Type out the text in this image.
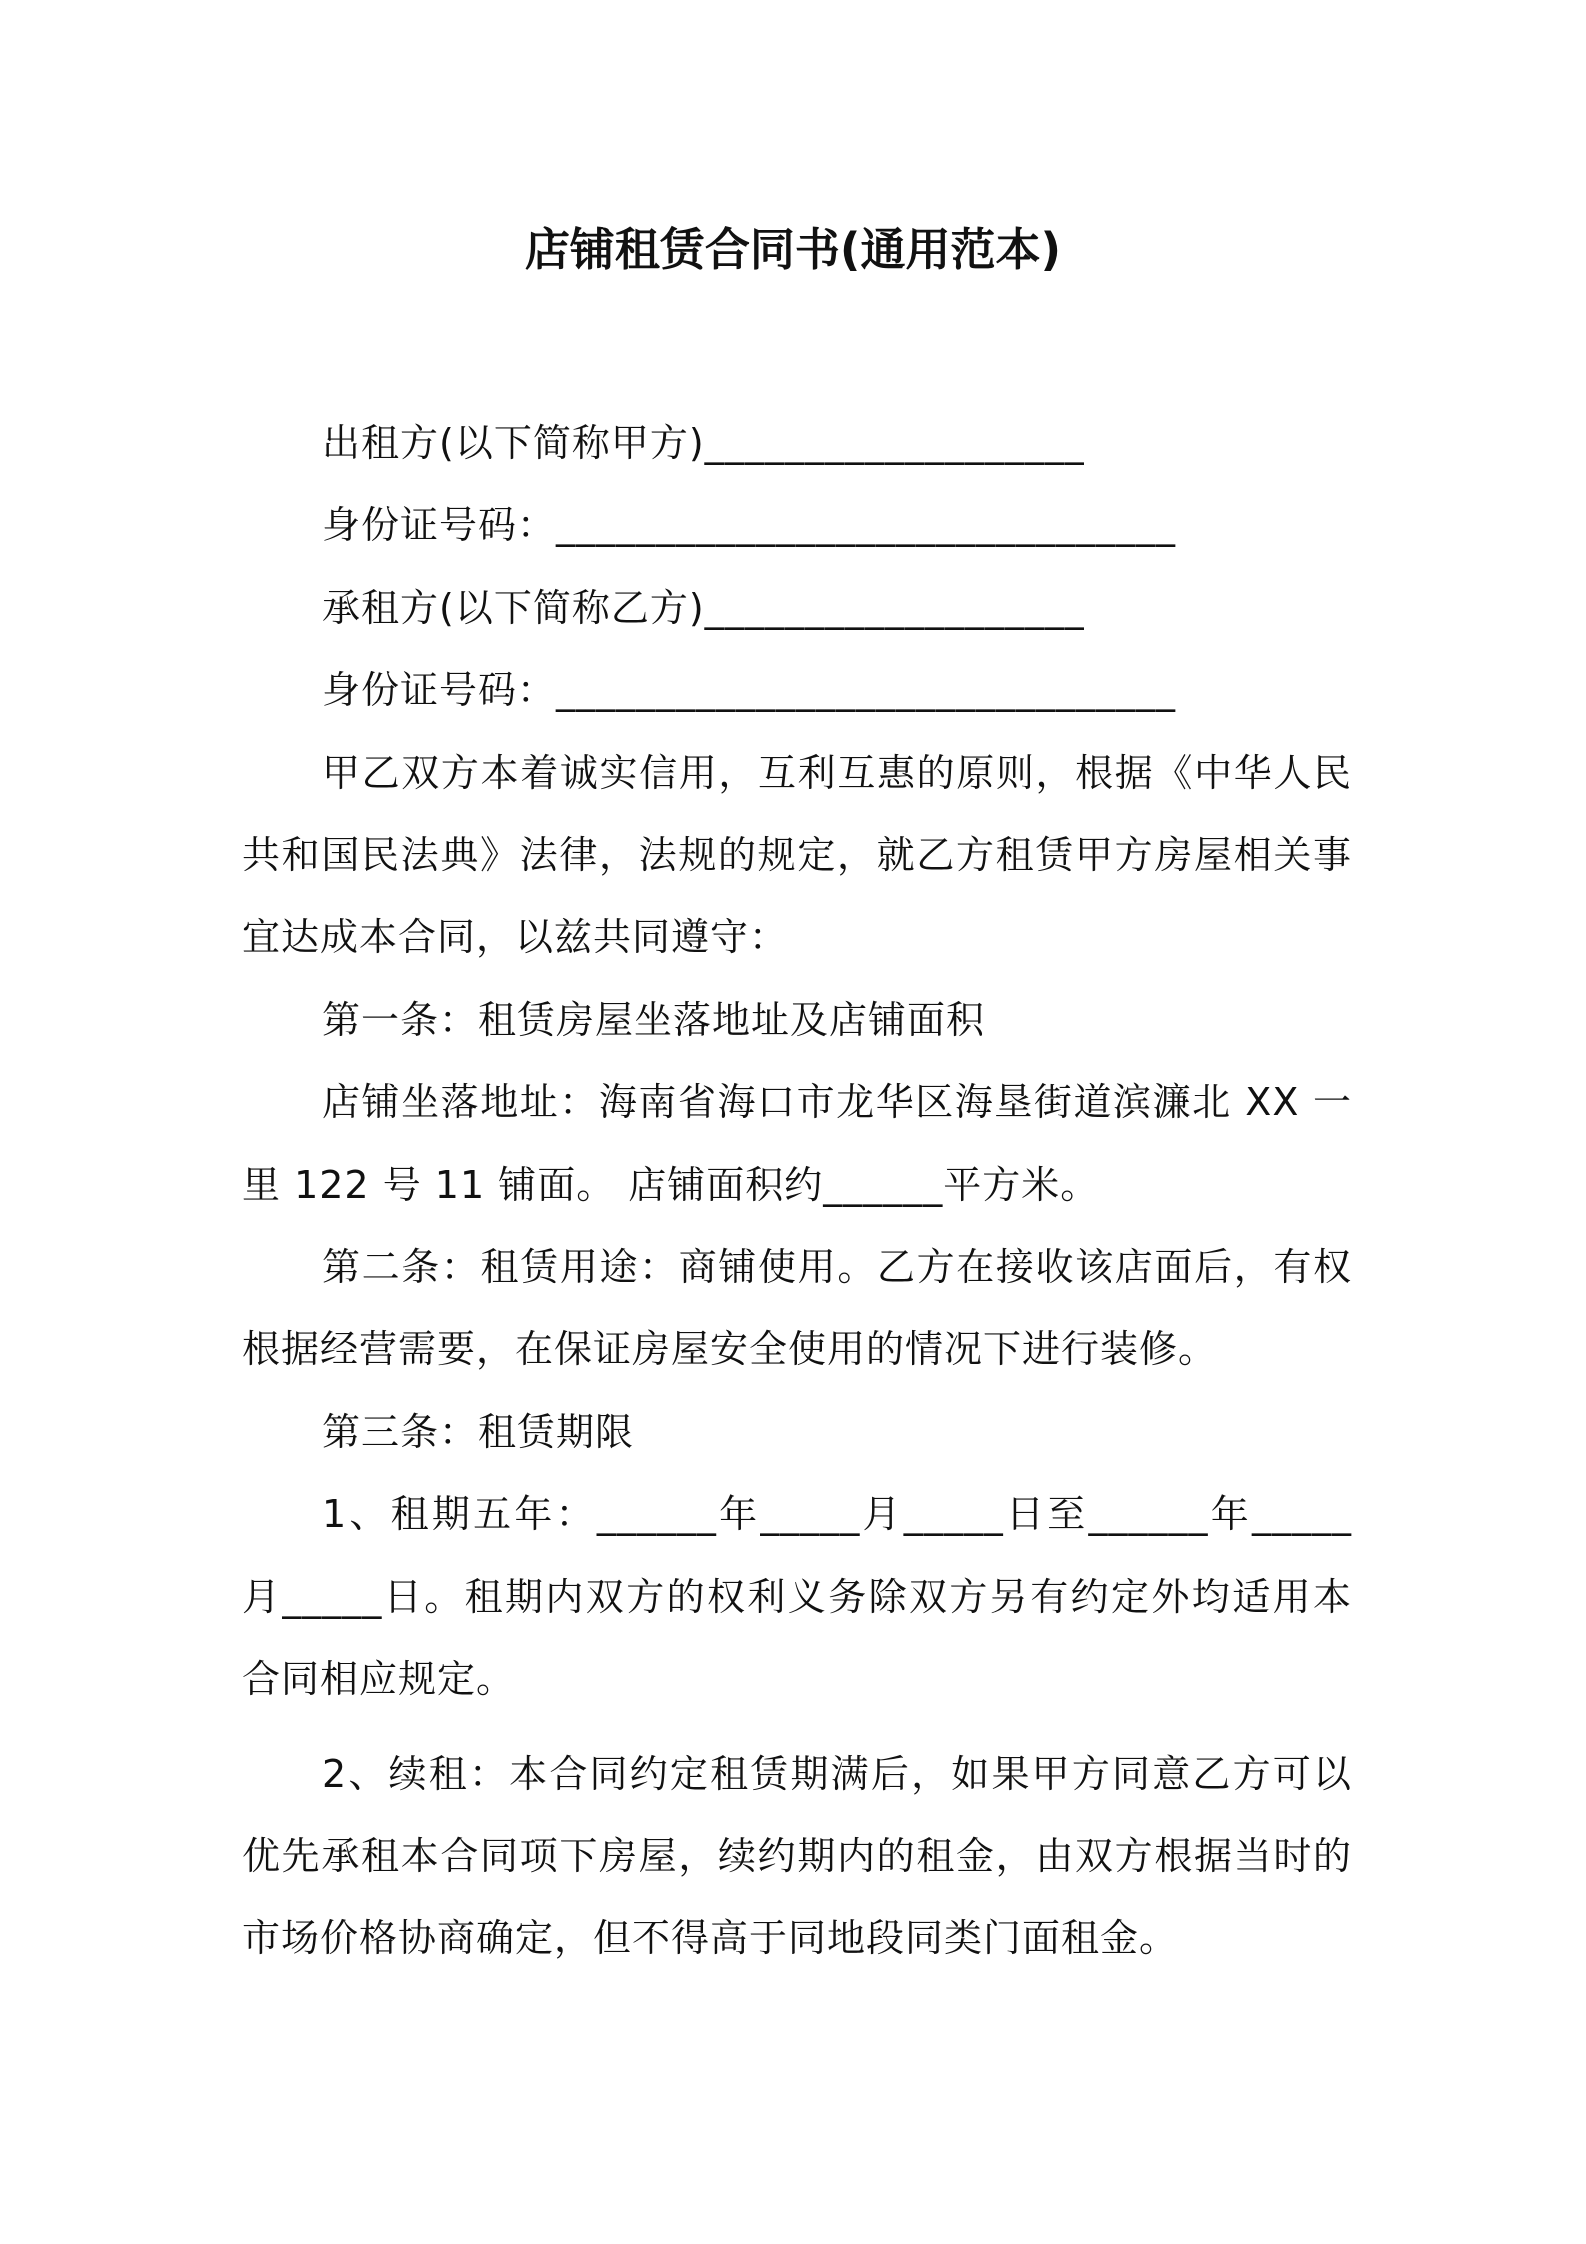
店铺租赁合同书(通用范本)

出租方(以下简称甲方)___________________

身份证号码：_______________________________

承租方(以下简称乙方)___________________

身份证号码：_______________________________

甲乙双方本着诚实信用，互利互惠的原则，根据《中华人民共和国民法典》法律，法规的规定，就乙方租赁甲方房屋相关事宜达成本合同，以兹共同遵守：

第一条：租赁房屋坐落地址及店铺面积

店铺坐落地址：海南省海口市龙华区海垦街道滨濂北 XX 一里 122 号 11 铺面。 店铺面积约______平方米。

第二条：租赁用途：商铺使用。乙方在接收该店面后，有权根据经营需要，在保证房屋安全使用的情况下进行装修。

第三条：租赁期限

1、租期五年：______年_____月_____日至______年_____月_____日。租期内双方的权利义务除双方另有约定外均适用本合同相应规定。

2、续租：本合同约定租赁期满后，如果甲方同意乙方可以优先承租本合同项下房屋，续约期内的租金，由双方根据当时的市场价格协商确定，但不得高于同地段同类门面租金。
